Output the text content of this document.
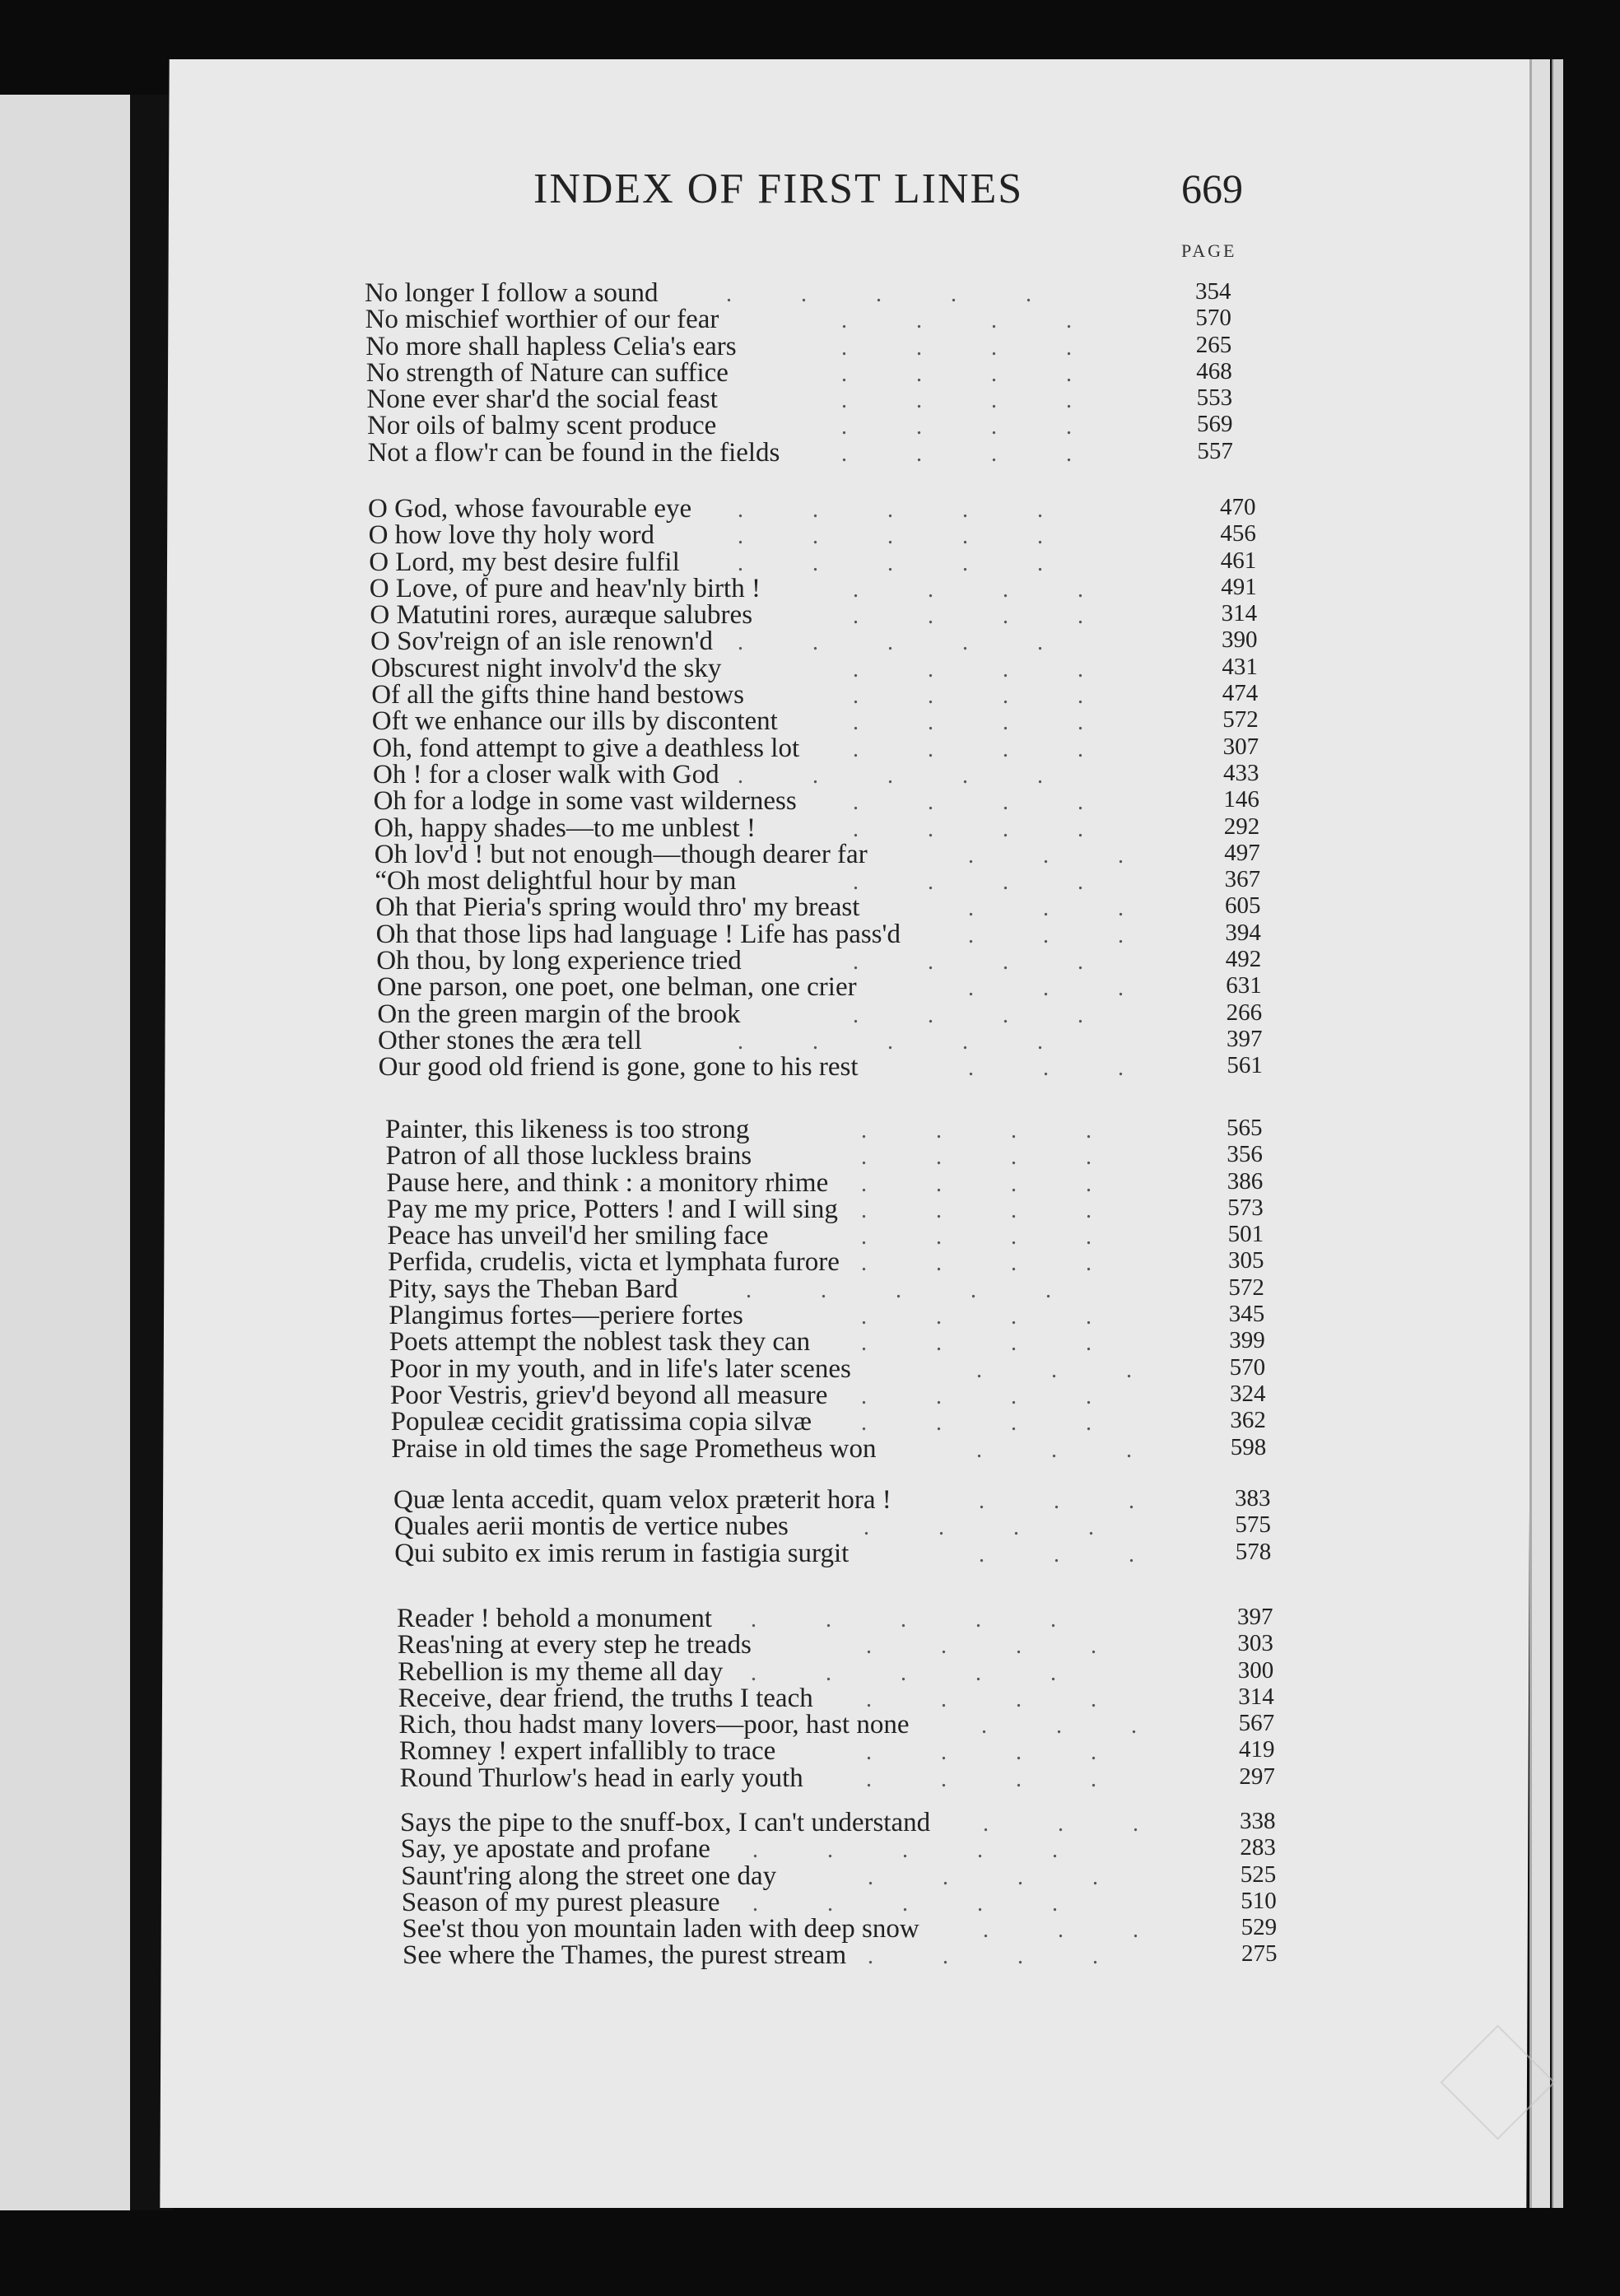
INDEX OF FIRST LINES	669
PAGE
No longer I follow a sound	.   .   .   .   .	354
No mischief worthier of our fear	.   .   .   .	570
No more shall hapless Celia's ears	.   .   .   .	265
No strength of Nature can suffice	.   .   .   .	468
None ever shar'd the social feast	.   .   .   .	553
Nor oils of balmy scent produce	.   .   .   .	569
Not a flow'r can be found in the fields	.   .   .   .	557
O God, whose favourable eye .   .   .   .   .	470
O how love thy holy word	.   .   .   .   .	456
O Lord, my best desire fulfil	.   .   .   .   .	461
O Love, of pure and heav'nly birth !	.   .   .   .	491
O Matutini rores, auræque salubres	.   .   .   .	314
O Sov'reign of an isle renown'd .   .   .   .   .	390
Obscurest night involv'd the sky	.   .   .   .	431
Of all the gifts thine hand bestows	.   .   .   .	474
Oft we enhance our ills by discontent	.   .   .   .	572
Oh, fond attempt to give a deathless lot .   .   .   .	307
Oh ! for a closer walk with God .   .   .   .   .	433
Oh for a lodge in some vast wilderness .   .   .   .	146
Oh, happy shades—to me unblest !	.   .   .   .	292
Oh lov'd ! but not enough—though dearer far	.   .   .	497
“Oh most delightful hour by man	.   .   .   .	367
Oh that Pieria's spring would thro' my breast	.   .   .	605
Oh that those lips had language ! Life has pass'd	.   .   .	394
Oh thou, by long experience tried	.   .   .   .	492
One parson, one poet, one belman, one crier	.   .   .	631
On the green margin of the brook	.   .   .   .	266
Other stones the æra tell	.   .   .   .   .	397
Our good old friend is gone, gone to his rest	.   .   .	561
Painter, this likeness is too strong	.   .   .   .	565
Patron of all those luckless brains	.   .   .   .	356
Pause here, and think : a monitory rhime .   .   .   .	386
Pay me my price, Potters ! and I will sing .   .   .   .	573
Peace has unveil'd her smiling face	.   .   .   .	501
Perfida, crudelis, victa et lymphata furore .   .   .   .	305
Pity, says the Theban Bard	.   .   .   .   .	572
Plangimus fortes—periere fortes	.   .   .   .	345
Poets attempt the noblest task they can .   .   .   .	399
Poor in my youth, and in life's later scenes	.   .   .	570
Poor Vestris, griev'd beyond all measure .   .   .   .	324
Populeæ cecidit gratissima copia silvæ .   .   .   .	362
Praise in old times the sage Prometheus won	.   .   .	598
Quæ lenta accedit, quam velox præterit hora !	.   .   .	383
Quales aerii montis de vertice nubes	.   .   .   .	575
Qui subito ex imis rerum in fastigia surgit	.   .   .	578
Reader ! behold a monument .   .   .   .   .	397
Reas'ning at every step he treads	.   .   .   .	303
Rebellion is my theme all day .   .   .   .   .	300
Receive, dear friend, the truths I teach .   .   .   .	314
Rich, thou hadst many lovers—poor, hast none	.   .   .	567
Romney ! expert infallibly to trace	.   .   .   .	419
Round Thurlow's head in early youth	.   .   .   .	297
Says the pipe to the snuff-box, I can't understand .   .   .	338
Say, ye apostate and profane .   .   .   .   .	283
Saunt'ring along the street one day	.   .   .   .	525
Season of my purest pleasure .   .   .   .   .	510
See'st thou yon mountain laden with deep snow	.   .   .	529
See where the Thames, the purest stream .   .   .   .	275
